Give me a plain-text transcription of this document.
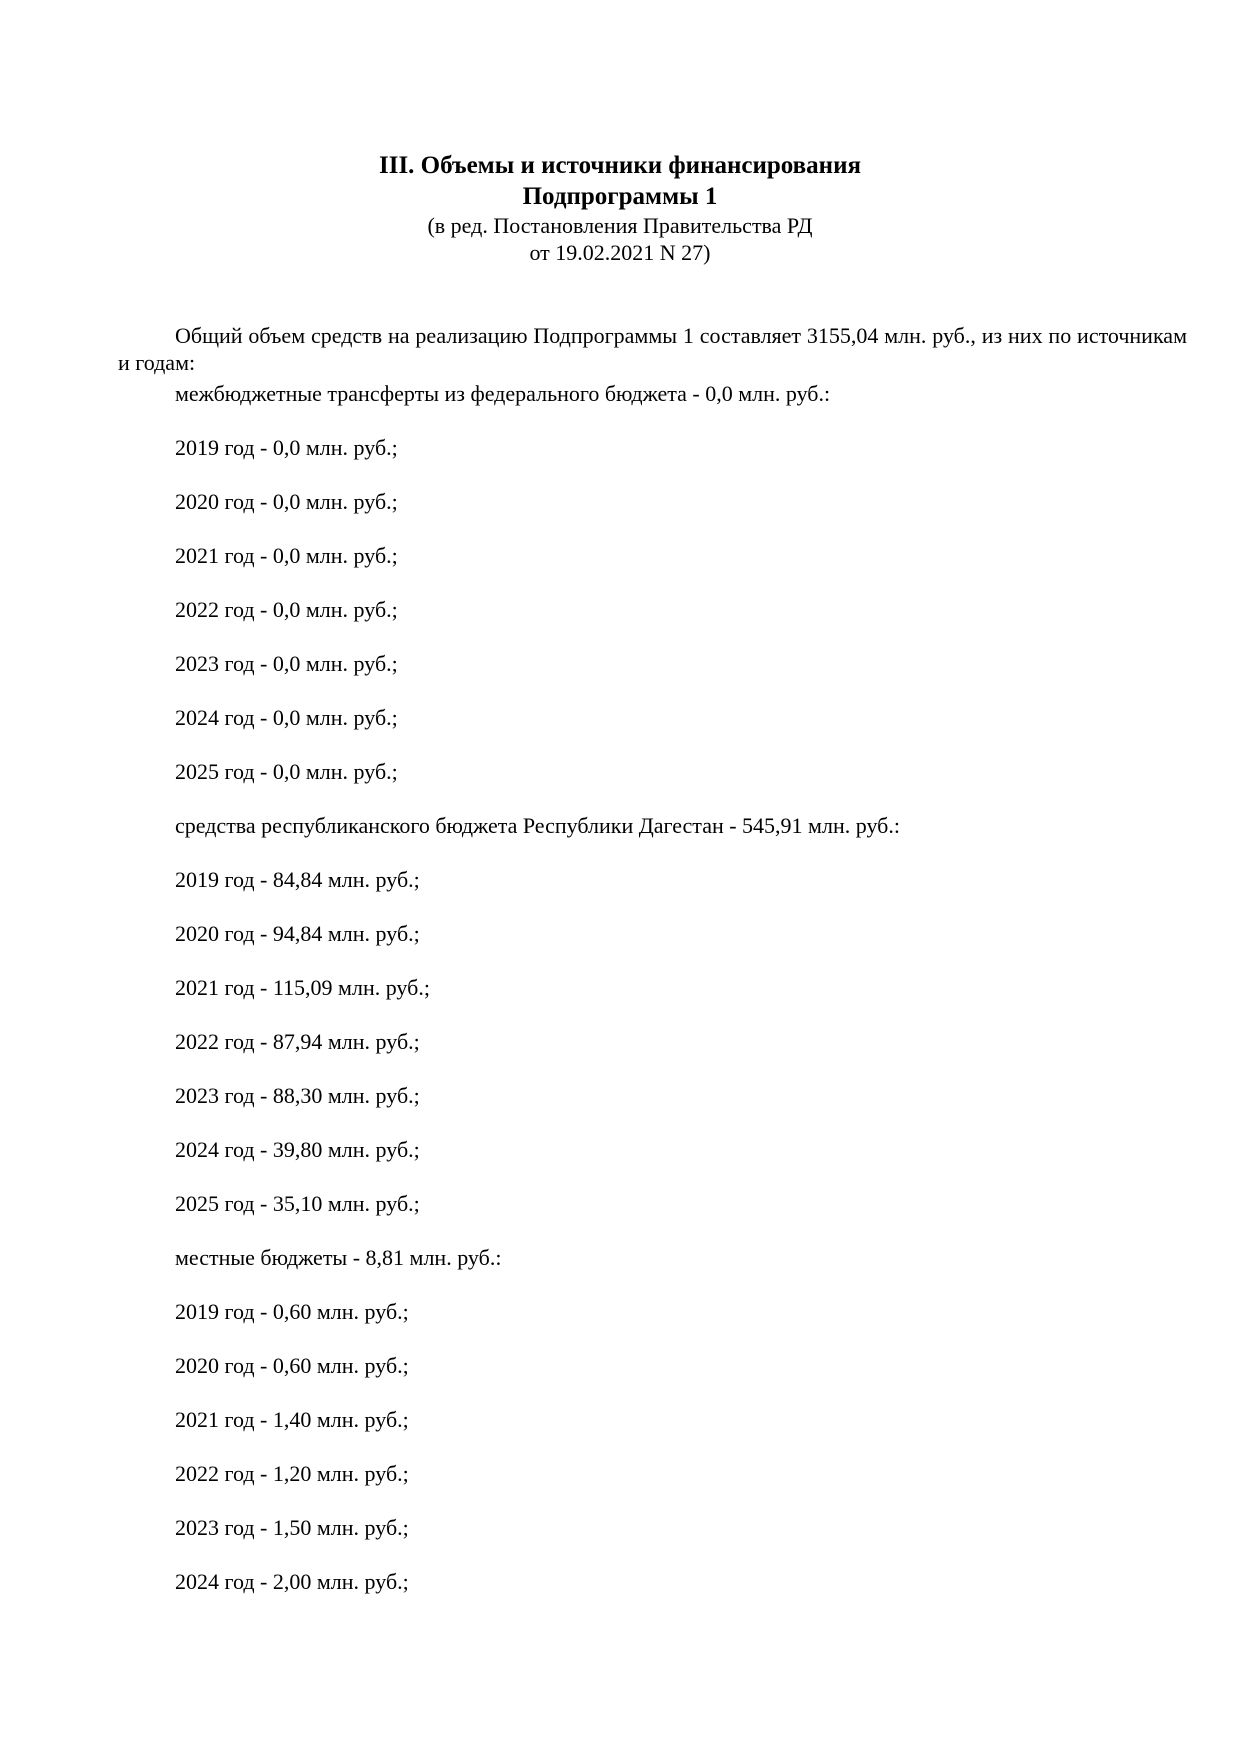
III. Объемы и источники финансирования
Подпрограммы 1
(в ред. Постановления Правительства РД
от 19.02.2021 N 27)

Общий объем средств на реализацию Подпрограммы 1 составляет 3155,04 млн. руб., из них по источникам и годам:

межбюджетные трансферты из федерального бюджета - 0,0 млн. руб.:
2019 год - 0,0 млн. руб.;
2020 год - 0,0 млн. руб.;
2021 год - 0,0 млн. руб.;
2022 год - 0,0 млн. руб.;
2023 год - 0,0 млн. руб.;
2024 год - 0,0 млн. руб.;
2025 год - 0,0 млн. руб.;
средства республиканского бюджета Республики Дагестан - 545,91 млн. руб.:
2019 год - 84,84 млн. руб.;
2020 год - 94,84 млн. руб.;
2021 год - 115,09 млн. руб.;
2022 год - 87,94 млн. руб.;
2023 год - 88,30 млн. руб.;
2024 год - 39,80 млн. руб.;
2025 год - 35,10 млн. руб.;
местные бюджеты - 8,81 млн. руб.:
2019 год - 0,60 млн. руб.;
2020 год - 0,60 млн. руб.;
2021 год - 1,40 млн. руб.;
2022 год - 1,20 млн. руб.;
2023 год - 1,50 млн. руб.;
2024 год - 2,00 млн. руб.;
